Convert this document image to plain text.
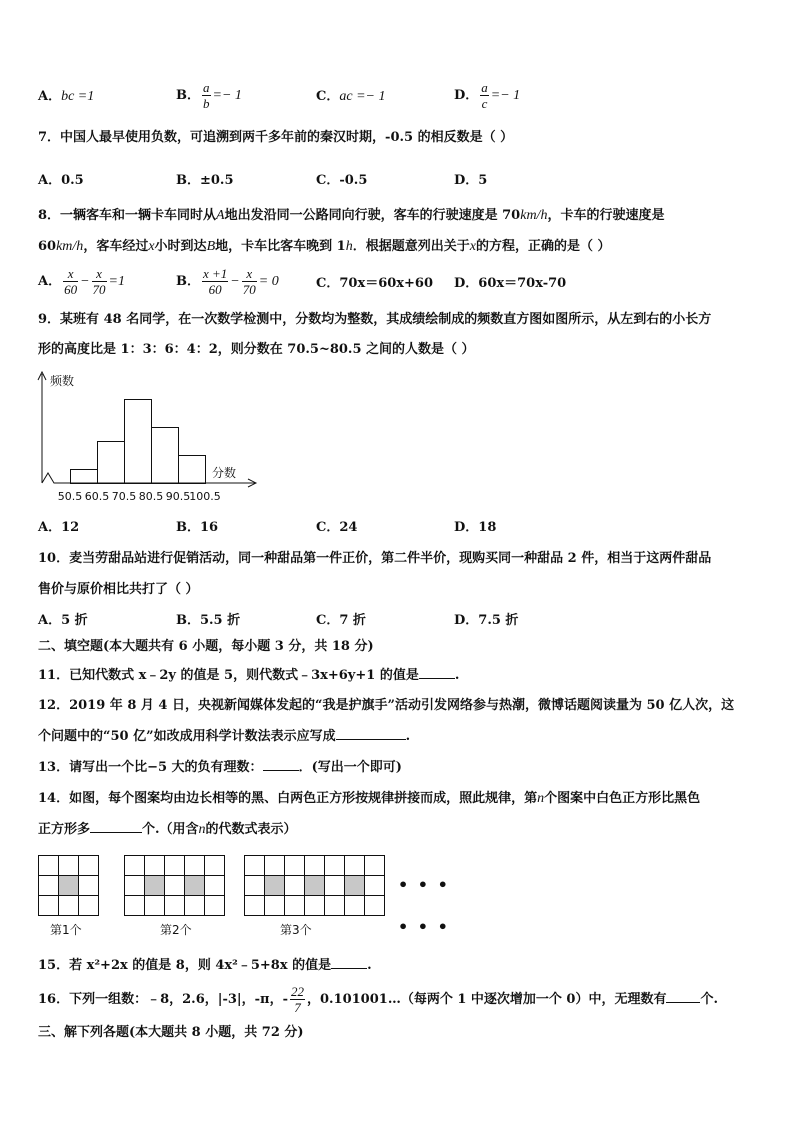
A．bc =1	B． $\frac{a}{b} =- 1$	C．ac =− 1	D． $\frac{a}{c} =- 1$
7．中国人最早使用负数，可追溯到两千多年前的秦汉时期，-0.5 的相反数是（ ）
A．0.5	B．±0.5	C．-0.5	D．5
8．一辆客车和一辆卡车同时从A地出发沿同一公路同向行驶，客车的行驶速度是 70km/h，卡车的行驶速度是
60km/h，客车经过x小时到达B地，卡车比客车晚到 1h．根据题意列出关于x的方程，正确的是（ ）
A． $\frac{x}{60} - \frac{x}{70} =1$	B． $\frac{x +1}{60} - \frac{x}{70} = 0$	C．70x＝60x+60 D．60x＝70x-70
9．某班有 48 名同学，在一次数学检测中，分数均为整数，其成绩绘制成的频数直方图如图所示，从左到右的小长方
形的高度比是 1：3：6：4：2，则分数在 70.5~80.5 之间的人数是（ ）
50.5 60.5 70.5 80.5 90.5 100.5
频数
分数
A．12	B．16	C．24	D．18
10．麦当劳甜品站进行促销活动，同一种甜品第一件正价，第二件半价，现购买同一种甜品 2 件，相当于这两件甜品
售价与原价相比共打了（ ）
A．5 折	B．5.5 折	C．7 折	D．7.5 折
二、填空题(本大题共有 6 小题，每小题 3 分，共 18 分)
11．已知代数式 x﹣2y 的值是 5，则代数式﹣3x+6y+1 的值是	.
12．2019 年 8 月 4 日，央视新闻媒体发起的“我是护旗手”活动引发网络参与热潮，微博话题阅读量为 50 亿人次，这
个问题中的“50 亿”如改成用科学计数法表示应写成	.
13．请写出一个比−5 大的负有理数：	．(写出一个即可)
14．如图，每个图案均由边长相等的黑、白两色正方形按规律拼接而成，照此规律，第n个图案中白色正方形比黑色
正方形多	个.（用含n的代数式表示）
第1个	第2个	第3个
• • •
• • •
15．若 x²+2x 的值是 8，则 4x²﹣5+8x 的值是	.
16．下列一组数：﹣8，2.6，|-3|，-π，- $\frac{22}{7}$ ，0.101001…（每两个 1 中逐次增加一个 0）中，无理数有	个.
三、解下列各题(本大题共 8 小题，共 72 分)
